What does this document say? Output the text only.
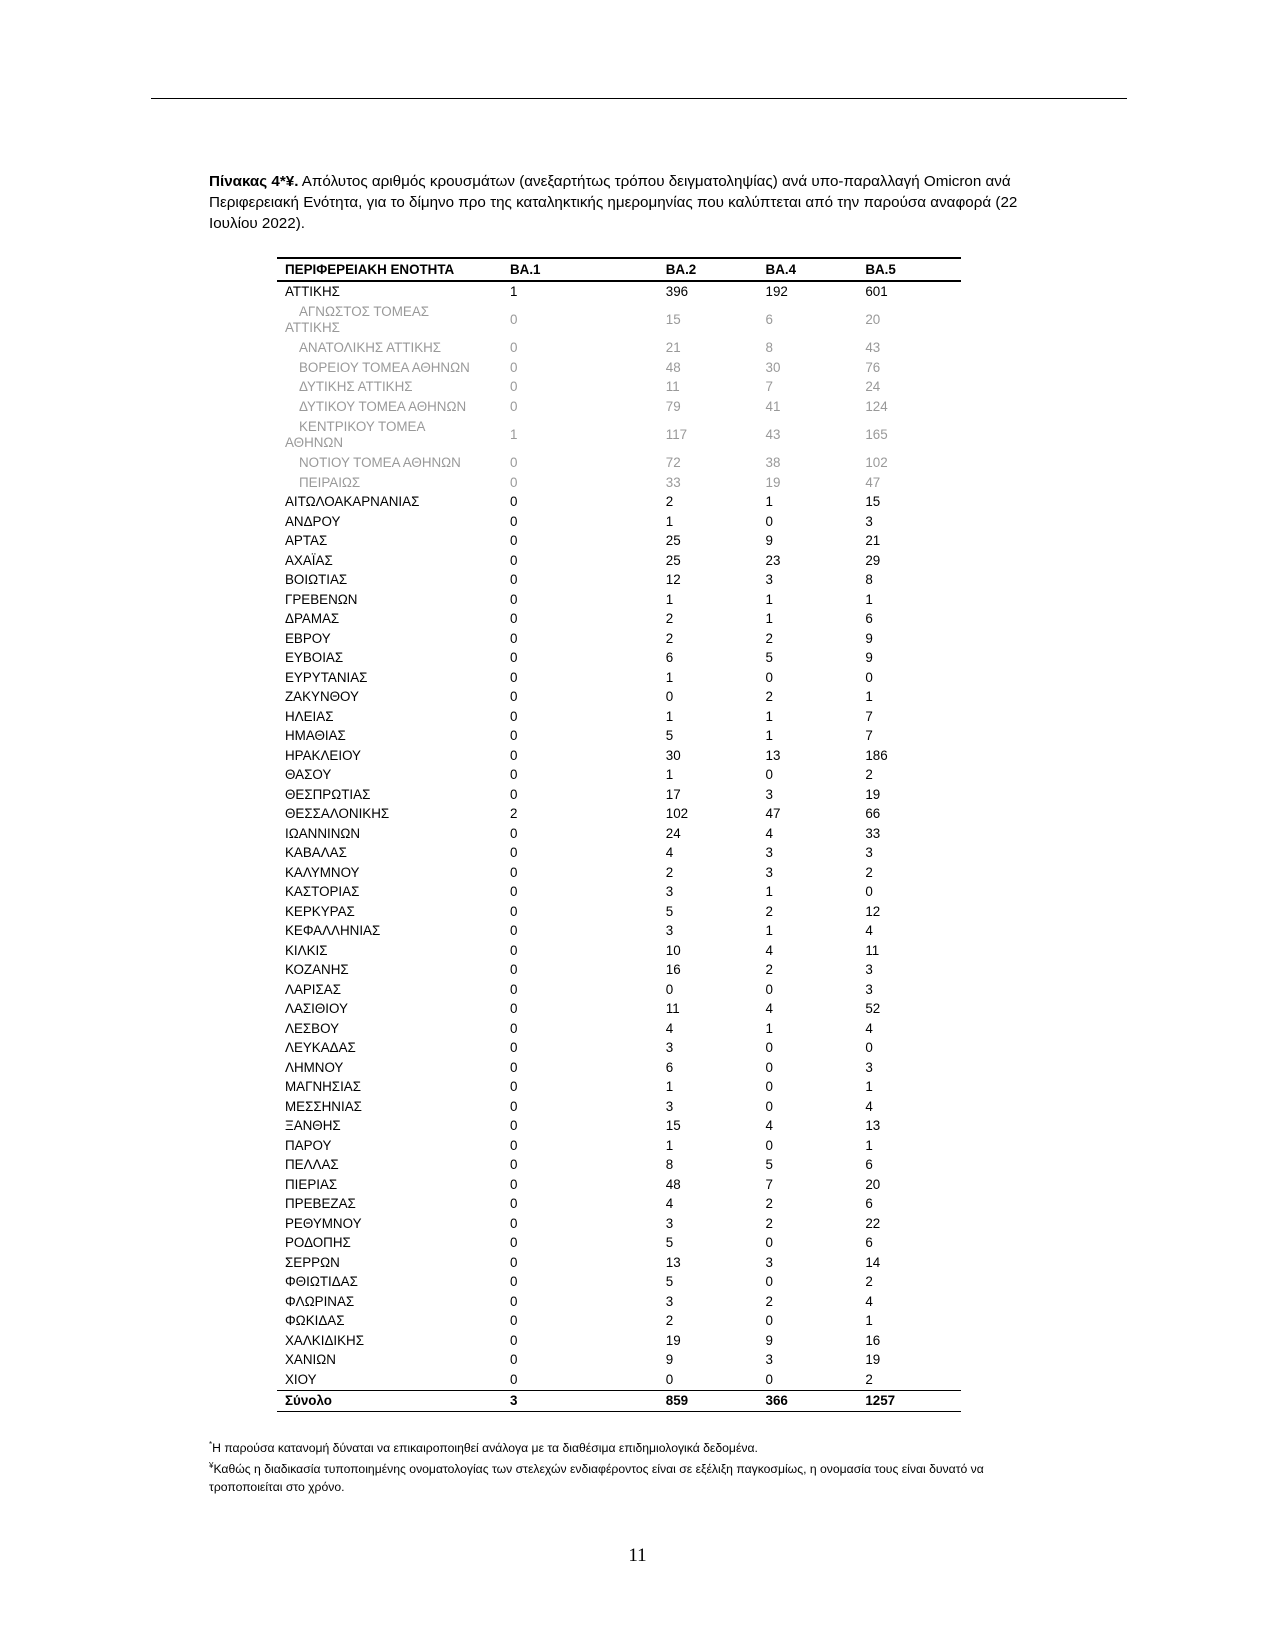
Πίνακας 4*¥. Απόλυτος αριθμός κρουσμάτων (ανεξαρτήτως τρόπου δειγματοληψίας) ανά υπο-παραλλαγή Omicron ανά Περιφερειακή Ενότητα, για το δίμηνο προ της καταληκτικής ημερομηνίας που καλύπτεται από την παρούσα αναφορά (22 Ιουλίου 2022).
ΠΕΡΙΦΕΡΕΙΑΚΗ ΕΝΟΤΗΤΑ	BA.1	BA.2	BA.4	BA.5
ΑΤΤΙΚΗΣ	1	396	192	601
ΑΓΝΩΣΤΟΣ ΤΟΜΕΑΣ
ΑΤΤΙΚΗΣ	0	15	6	20
ΑΝΑΤΟΛΙΚΗΣ ΑΤΤΙΚΗΣ	0	21	8	43
ΒΟΡΕΙΟΥ ΤΟΜΕΑ ΑΘΗΝΩΝ	0	48	30	76
ΔΥΤΙΚΗΣ ΑΤΤΙΚΗΣ	0	11	7	24
ΔΥΤΙΚΟΥ ΤΟΜΕΑ ΑΘΗΝΩΝ	0	79	41	124
ΚΕΝΤΡΙΚΟΥ ΤΟΜΕΑ
ΑΘΗΝΩΝ	1	117	43	165
ΝΟΤΙΟΥ ΤΟΜΕΑ ΑΘΗΝΩΝ	0	72	38	102
ΠΕΙΡΑΙΩΣ	0	33	19	47
ΑΙΤΩΛΟΑΚΑΡΝΑΝΙΑΣ	0	2	1	15
ΑΝΔΡΟΥ	0	1	0	3
ΑΡΤΑΣ	0	25	9	21
ΑΧΑΪΑΣ	0	25	23	29
ΒΟΙΩΤΙΑΣ	0	12	3	8
ΓΡΕΒΕΝΩΝ	0	1	1	1
ΔΡΑΜΑΣ	0	2	1	6
ΕΒΡΟΥ	0	2	2	9
ΕΥΒΟΙΑΣ	0	6	5	9
ΕΥΡΥΤΑΝΙΑΣ	0	1	0	0
ΖΑΚΥΝΘΟΥ	0	0	2	1
ΗΛΕΙΑΣ	0	1	1	7
ΗΜΑΘΙΑΣ	0	5	1	7
ΗΡΑΚΛΕΙΟΥ	0	30	13	186
ΘΑΣΟΥ	0	1	0	2
ΘΕΣΠΡΩΤΙΑΣ	0	17	3	19
ΘΕΣΣΑΛΟΝΙΚΗΣ	2	102	47	66
ΙΩΑΝΝΙΝΩΝ	0	24	4	33
ΚΑΒΑΛΑΣ	0	4	3	3
ΚΑΛΥΜΝΟΥ	0	2	3	2
ΚΑΣΤΟΡΙΑΣ	0	3	1	0
ΚΕΡΚΥΡΑΣ	0	5	2	12
ΚΕΦΑΛΛΗΝΙΑΣ	0	3	1	4
ΚΙΛΚΙΣ	0	10	4	11
ΚΟΖΑΝΗΣ	0	16	2	3
ΛΑΡΙΣΑΣ	0	0	0	3
ΛΑΣΙΘΙΟΥ	0	11	4	52
ΛΕΣΒΟΥ	0	4	1	4
ΛΕΥΚΑΔΑΣ	0	3	0	0
ΛΗΜΝΟΥ	0	6	0	3
ΜΑΓΝΗΣΙΑΣ	0	1	0	1
ΜΕΣΣΗΝΙΑΣ	0	3	0	4
ΞΑΝΘΗΣ	0	15	4	13
ΠΑΡΟΥ	0	1	0	1
ΠΕΛΛΑΣ	0	8	5	6
ΠΙΕΡΙΑΣ	0	48	7	20
ΠΡΕΒΕΖΑΣ	0	4	2	6
ΡΕΘΥΜΝΟΥ	0	3	2	22
ΡΟΔΟΠΗΣ	0	5	0	6
ΣΕΡΡΩΝ	0	13	3	14
ΦΘΙΩΤΙΔΑΣ	0	5	0	2
ΦΛΩΡΙΝΑΣ	0	3	2	4
ΦΩΚΙΔΑΣ	0	2	0	1
ΧΑΛΚΙΔΙΚΗΣ	0	19	9	16
ΧΑΝΙΩΝ	0	9	3	19
ΧΙΟΥ	0	0	0	2
Σύνολο	3	859	366	1257
*Η παρούσα κατανομή δύναται να επικαιροποιηθεί ανάλογα με τα διαθέσιμα επιδημιολογικά δεδομένα.
¥Καθώς η διαδικασία τυποποιημένης ονοματολογίας των στελεχών ενδιαφέροντος είναι σε εξέλιξη παγκοσμίως, η ονομασία τους είναι δυνατό να τροποποιείται στο χρόνο.
11
